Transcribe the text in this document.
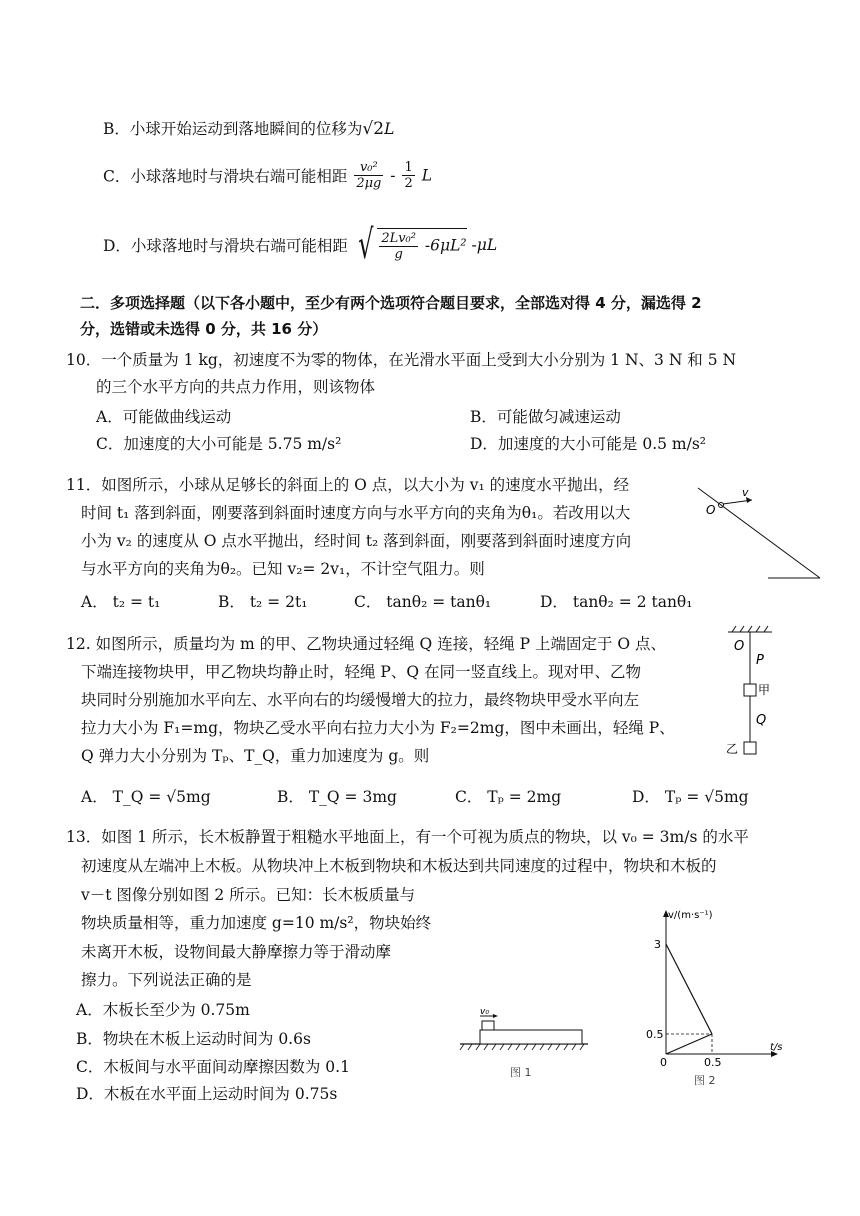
B．小球开始运动到落地瞬间的位移为√2L
C．小球落地时与滑块右端可能相距 $\frac{\text{v₀²}}{2\mu g} - \frac{1}{2}$ L
D．小球落地时与滑块右端可能相距 √ $\frac{\text{2Lv₀²}}{g} -6\mu L^2$ -μL
二．多项选择题（以下各小题中，至少有两个选项符合题目要求，全部选对得 4 分，漏选得 2
分，选错或未选得 0 分，共 16 分）
10．一个质量为 1 kg，初速度不为零的物体，在光滑水平面上受到大小分别为 1 N、3 N 和 5 N
的三个水平方向的共点力作用，则该物体
A．可能做曲线运动	B．可能做匀减速运动
C．加速度的大小可能是 5.75 m/s²	D．加速度的大小可能是 0.5 m/s²
11．如图所示，小球从足够长的斜面上的 O 点，以大小为 v₁ 的速度水平抛出，经
时间 t₁ 落到斜面，刚要落到斜面时速度方向与水平方向的夹角为θ₁。若改用以大
小为 v₂ 的速度从 O 点水平抛出，经时间 t₂ 落到斜面，刚要落到斜面时速度方向
与水平方向的夹角为θ₂。已知 v₂= 2v₁，不计空气阻力。则
A． t₂ = t₁	B． t₂ = 2t₁	C． tanθ₂ = tanθ₁	D． tanθ₂ = 2 tanθ₁
O
v
12. 如图所示，质量均为 m 的甲、乙物块通过轻绳 Q 连接，轻绳 P 上端固定于 O 点、
下端连接物块甲，甲乙物块均静止时，轻绳 P、Q 在同一竖直线上。现对甲、乙物
块同时分别施加水平向左、水平向右的均缓慢增大的拉力，最终物块甲受水平向左
拉力大小为 F₁=mg，物块乙受水平向右拉力大小为 F₂=2mg，图中未画出，轻绳 P、
Q 弹力大小分别为 Tₚ、T_Q，重力加速度为 g。则
A． T_Q = √5mg	B． T_Q = 3mg	C． Tₚ = 2mg	D． Tₚ = √5mg
O
P
甲
Q
乙
13．如图 1 所示，长木板静置于粗糙水平地面上，有一个可视为质点的物块，以 v₀ = 3m/s 的水平
初速度从左端冲上木板。从物块冲上木板到物块和木板达到共同速度的过程中，物块和木板的
v－t 图像分别如图 2 所示。已知：长木板质量与
物块质量相等，重力加速度 g=10 m/s²，物块始终
未离开木板，设物间最大静摩擦力等于滑动摩
擦力。下列说法正确的是
A．木板长至少为 0.75m
B．物块在木板上运动时间为 0.6s
C．木板间与水平面间动摩擦因数为 0.1
D．木板在水平面上运动时间为 0.75s
v₀
图 1
v/(m·s⁻¹)
3
0.5
0	0.5
t/s
图 2
